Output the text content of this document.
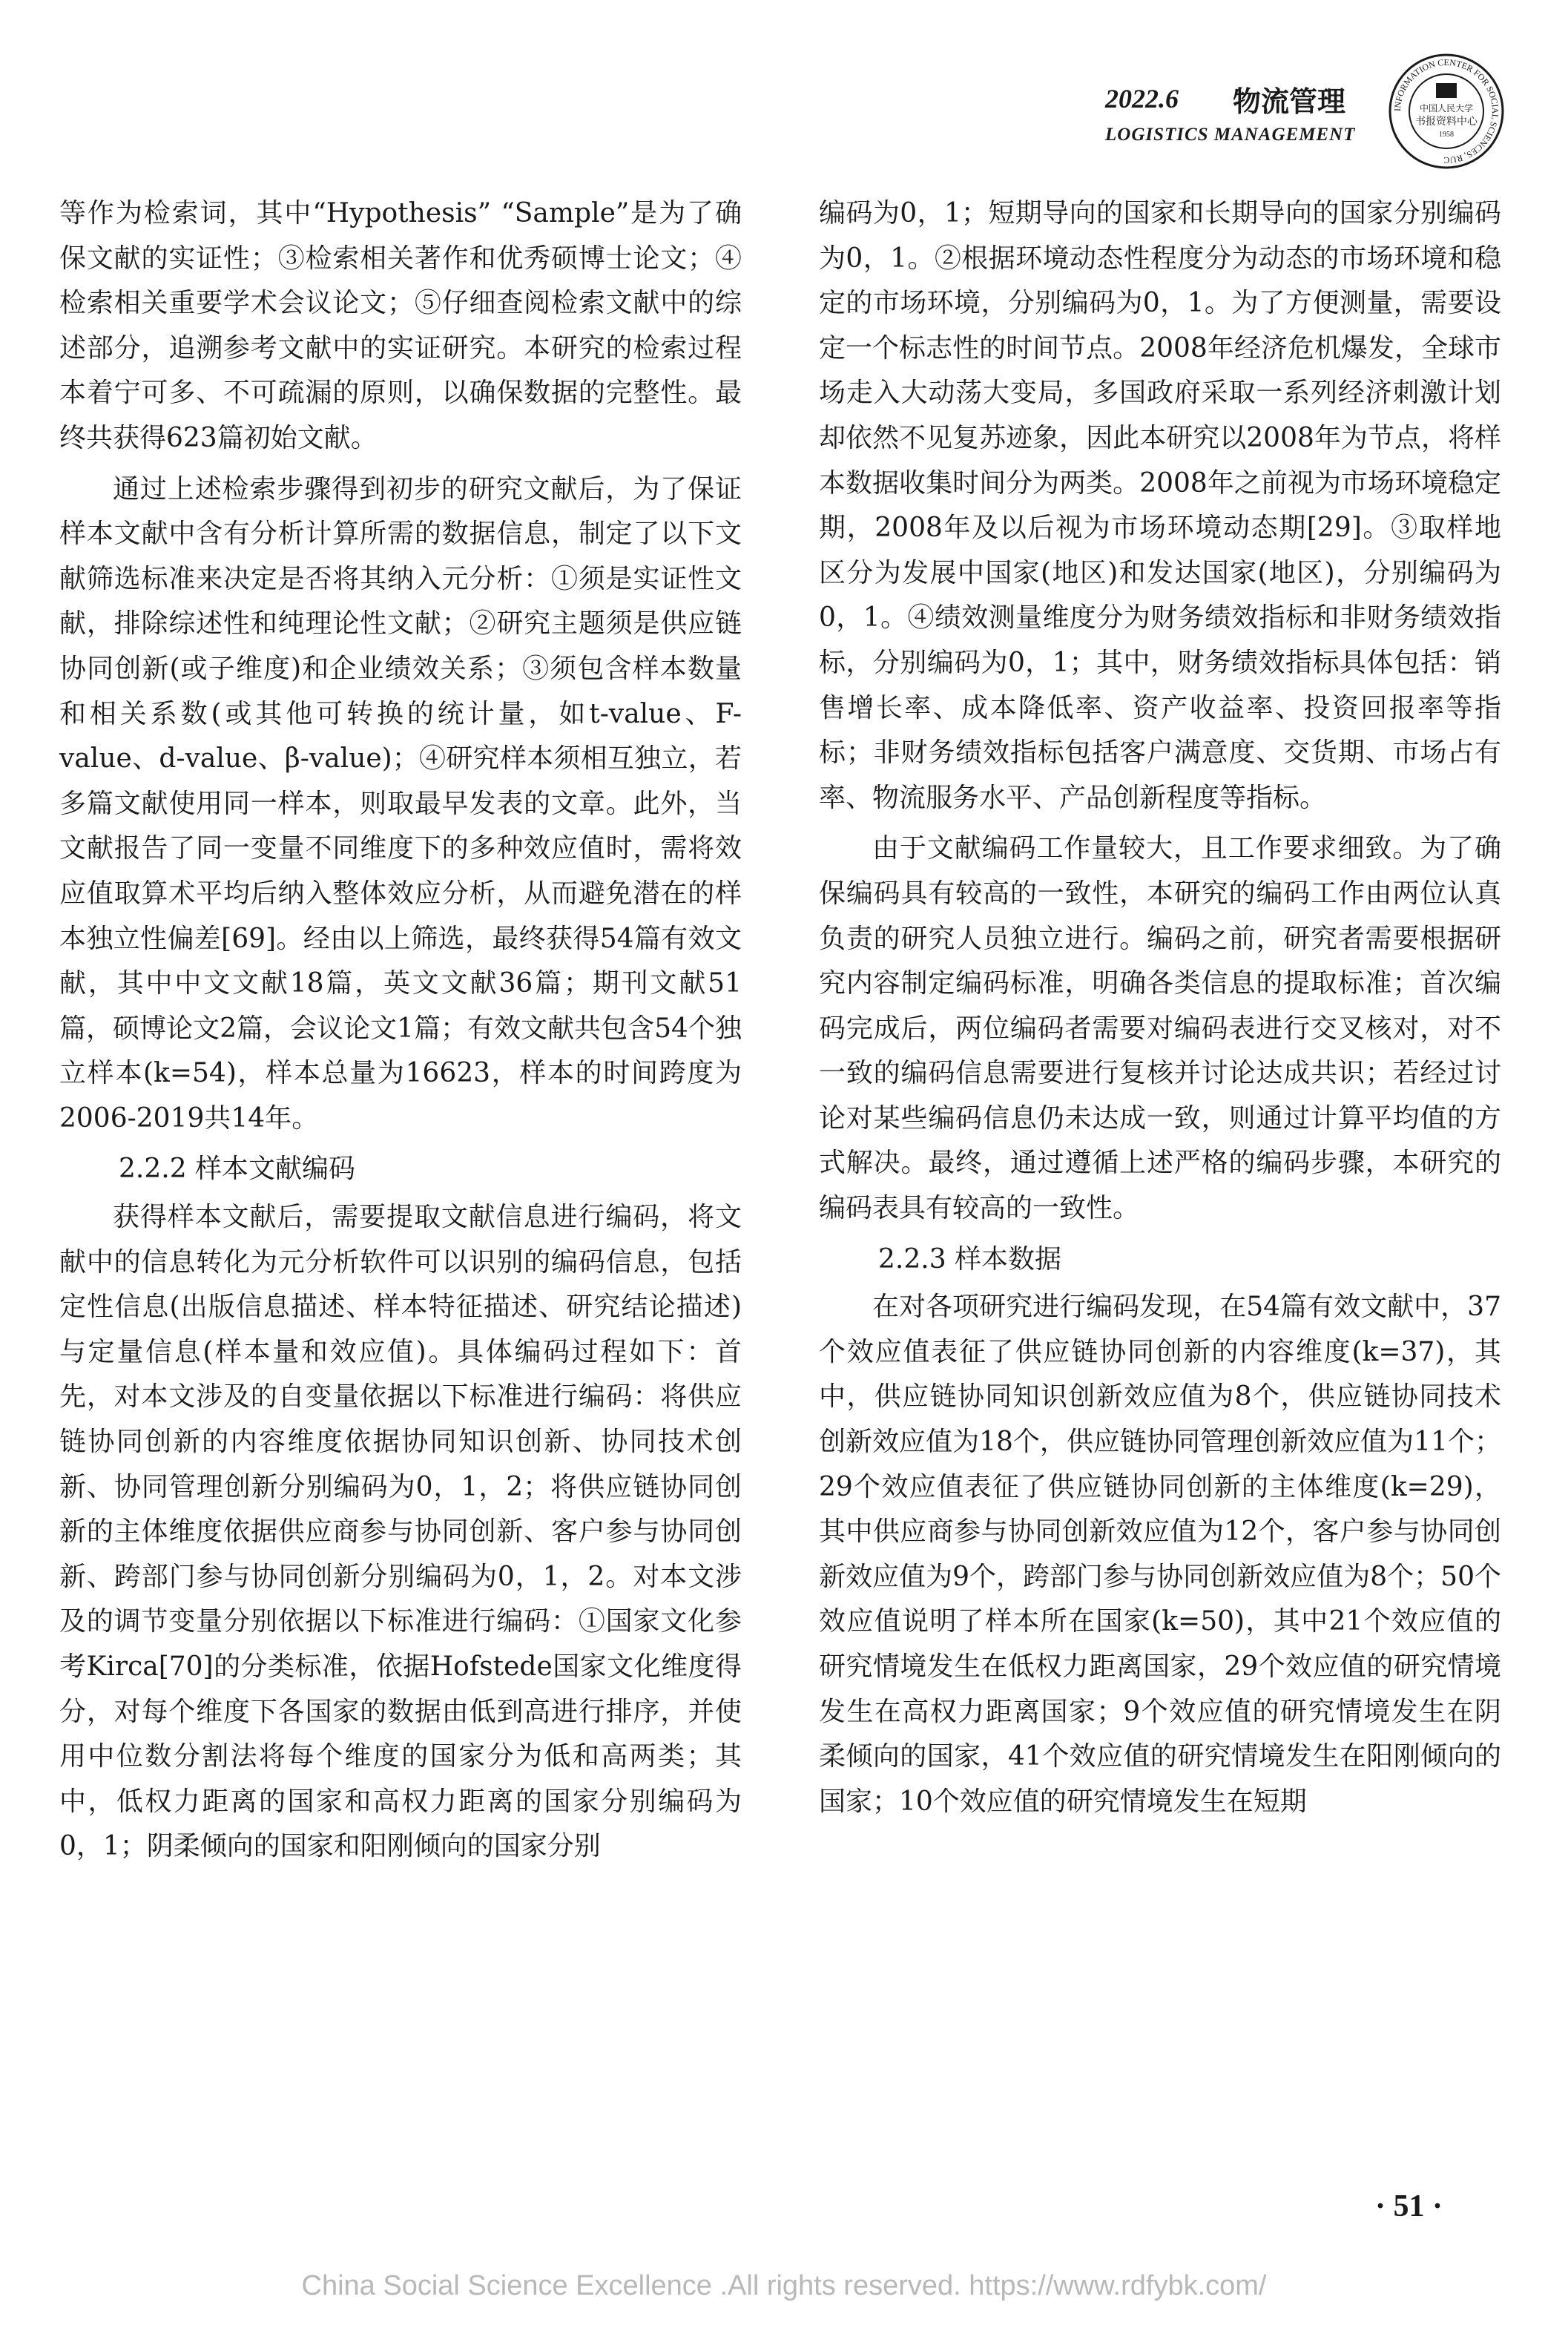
2022.6 物流管理
LOGISTICS MANAGEMENT
INFORMATION CENTER FOR SOCIAL SCIENCES, RUC
中国人民大学
书报资料中心
1958

等作为检索词，其中“Hypothesis” “Sample”是为了确保文献的实证性；③检索相关著作和优秀硕博士论文；④检索相关重要学术会议论文；⑤仔细查阅检索文献中的综述部分，追溯参考文献中的实证研究。本研究的检索过程本着宁可多、不可疏漏的原则，以确保数据的完整性。最终共获得623篇初始文献。

通过上述检索步骤得到初步的研究文献后，为了保证样本文献中含有分析计算所需的数据信息，制定了以下文献筛选标准来决定是否将其纳入元分析：①须是实证性文献，排除综述性和纯理论性文献；②研究主题须是供应链协同创新(或子维度)和企业绩效关系；③须包含样本数量和相关系数(或其他可转换的统计量，如t-value、F-value、d-value、β-value)；④研究样本须相互独立，若多篇文献使用同一样本，则取最早发表的文章。此外，当文献报告了同一变量不同维度下的多种效应值时，需将效应值取算术平均后纳入整体效应分析，从而避免潜在的样本独立性偏差[69]。经由以上筛选，最终获得54篇有效文献，其中中文文献18篇，英文文献36篇；期刊文献51篇，硕博论文2篇，会议论文1篇；有效文献共包含54个独立样本(k=54)，样本总量为16623，样本的时间跨度为2006-2019共14年。

2.2.2 样本文献编码

获得样本文献后，需要提取文献信息进行编码，将文献中的信息转化为元分析软件可以识别的编码信息，包括定性信息(出版信息描述、样本特征描述、研究结论描述)与定量信息(样本量和效应值)。具体编码过程如下：首先，对本文涉及的自变量依据以下标准进行编码：将供应链协同创新的内容维度依据协同知识创新、协同技术创新、协同管理创新分别编码为0，1，2；将供应链协同创新的主体维度依据供应商参与协同创新、客户参与协同创新、跨部门参与协同创新分别编码为0，1，2。对本文涉及的调节变量分别依据以下标准进行编码：①国家文化参考Kirca[70]的分类标准，依据Hofstede国家文化维度得分，对每个维度下各国家的数据由低到高进行排序，并使用中位数分割法将每个维度的国家分为低和高两类；其中，低权力距离的国家和高权力距离的国家分别编码为0，1；阴柔倾向的国家和阳刚倾向的国家分别

编码为0，1；短期导向的国家和长期导向的国家分别编码为0，1。②根据环境动态性程度分为动态的市场环境和稳定的市场环境，分别编码为0，1。为了方便测量，需要设定一个标志性的时间节点。2008年经济危机爆发，全球市场走入大动荡大变局，多国政府采取一系列经济刺激计划却依然不见复苏迹象，因此本研究以2008年为节点，将样本数据收集时间分为两类。2008年之前视为市场环境稳定期，2008年及以后视为市场环境动态期[29]。③取样地区分为发展中国家(地区)和发达国家(地区)，分别编码为0，1。④绩效测量维度分为财务绩效指标和非财务绩效指标，分别编码为0，1；其中，财务绩效指标具体包括：销售增长率、成本降低率、资产收益率、投资回报率等指标；非财务绩效指标包括客户满意度、交货期、市场占有率、物流服务水平、产品创新程度等指标。

由于文献编码工作量较大，且工作要求细致。为了确保编码具有较高的一致性，本研究的编码工作由两位认真负责的研究人员独立进行。编码之前，研究者需要根据研究内容制定编码标准，明确各类信息的提取标准；首次编码完成后，两位编码者需要对编码表进行交叉核对，对不一致的编码信息需要进行复核并讨论达成共识；若经过讨论对某些编码信息仍未达成一致，则通过计算平均值的方式解决。最终，通过遵循上述严格的编码步骤，本研究的编码表具有较高的一致性。

2.2.3 样本数据

在对各项研究进行编码发现，在54篇有效文献中，37个效应值表征了供应链协同创新的内容维度(k=37)，其中，供应链协同知识创新效应值为8个，供应链协同技术创新效应值为18个，供应链协同管理创新效应值为11个；29个效应值表征了供应链协同创新的主体维度(k=29)，其中供应商参与协同创新效应值为12个，客户参与协同创新效应值为9个，跨部门参与协同创新效应值为8个；50个效应值说明了样本所在国家(k=50)，其中21个效应值的研究情境发生在低权力距离国家，29个效应值的研究情境发生在高权力距离国家；9个效应值的研究情境发生在阴柔倾向的国家，41个效应值的研究情境发生在阳刚倾向的国家；10个效应值的研究情境发生在短期

· 51 ·
China Social Science Excellence .All rights reserved. https://www.rdfybk.com/
